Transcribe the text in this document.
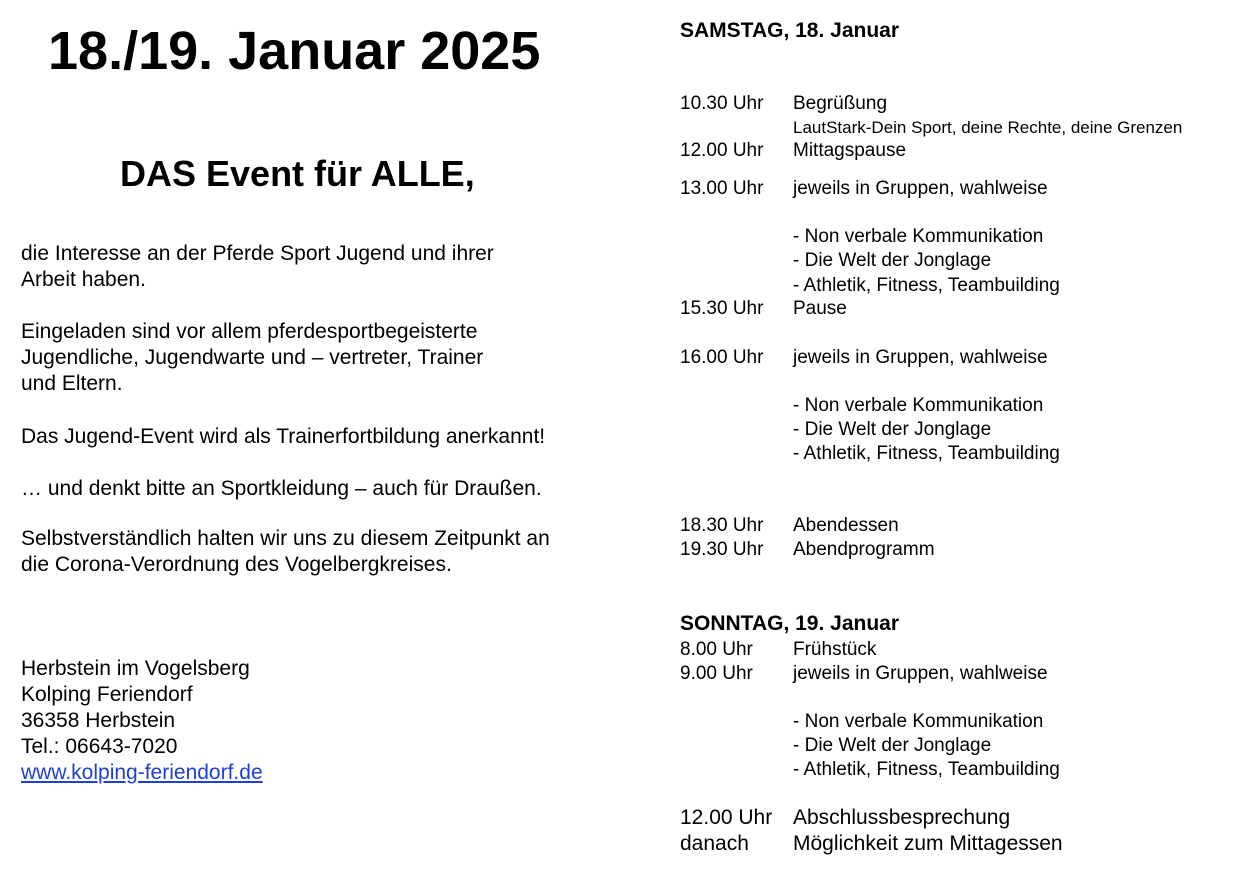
18./19. Januar 2025
DAS Event für ALLE,
die Interesse an der Pferde Sport Jugend und ihrer
Arbeit haben.
Eingeladen sind vor allem pferdesportbegeisterte
Jugendliche, Jugendwarte und – vertreter, Trainer
und Eltern.
Das Jugend-Event wird als Trainerfortbildung anerkannt!
… und denkt bitte an Sportkleidung – auch für Draußen.
Selbstverständlich halten wir uns zu diesem Zeitpunkt an
die Corona-Verordnung des Vogelbergkreises.
Herbstein im Vogelsberg
Kolping Feriendorf
36358 Herbstein
Tel.: 06643-7020
www.kolping-feriendorf.de
SAMSTAG, 18. Januar
10.30 Uhr Begrüßung
LautStark-Dein Sport, deine Rechte, deine Grenzen
12.00 Uhr Mittagspause
13.00 Uhr jeweils in Gruppen, wahlweise
- Non verbale Kommunikation
- Die Welt der Jonglage
- Athletik, Fitness, Teambuilding
15.30 Uhr Pause
16.00 Uhr jeweils in Gruppen, wahlweise
- Non verbale Kommunikation
- Die Welt der Jonglage
- Athletik, Fitness, Teambuilding
18.30 Uhr Abendessen
19.30 Uhr Abendprogramm
SONNTAG, 19. Januar
8.00 Uhr Frühstück
9.00 Uhr jeweils in Gruppen, wahlweise
- Non verbale Kommunikation
- Die Welt der Jonglage
- Athletik, Fitness, Teambuilding
12.00 Uhr Abschlussbesprechung
danach Möglichkeit zum Mittagessen
